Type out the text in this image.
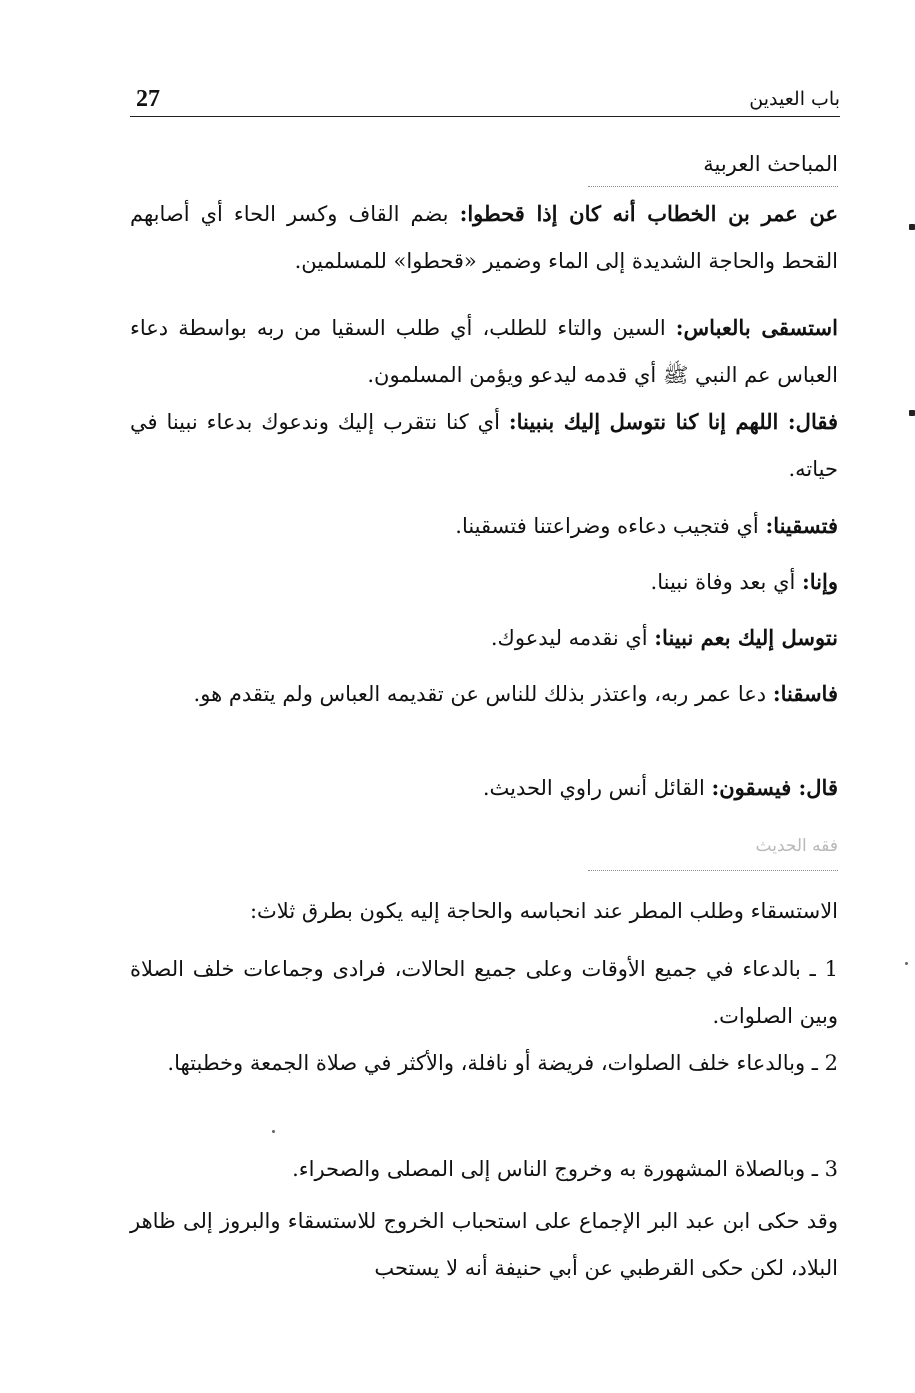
27	باب العيدين
المباحث العربية

عن عمر بن الخطاب أنه كان إذا قحطوا: بضم القاف وكسر الحاء أي أصابهم القحط والحاجة الشديدة إلى الماء وضمير «قحطوا» للمسلمين.

استسقى بالعباس: السين والتاء للطلب، أي طلب السقيا من ربه بواسطة دعاء العباس عم النبي ﷺ أي قدمه ليدعو ويؤمن المسلمون.

فقال: اللهم إنا كنا نتوسل إليك بنبينا: أي كنا نتقرب إليك وندعوك بدعاء نبينا في حياته.

فتسقينا: أي فتجيب دعاءه وضراعتنا فتسقينا.

وإنا: أي بعد وفاة نبينا.

نتوسل إليك بعم نبينا: أي نقدمه ليدعوك.

فاسقنا: دعا عمر ربه، واعتذر بذلك للناس عن تقديمه العباس ولم يتقدم هو.

قال: فيسقون: القائل أنس راوي الحديث.

فقه الحديث

الاستسقاء وطلب المطر عند انحباسه والحاجة إليه يكون بطرق ثلاث:

1 ـ بالدعاء في جميع الأوقات وعلى جميع الحالات، فرادى وجماعات خلف الصلاة وبين الصلوات.

2 ـ وبالدعاء خلف الصلوات، فريضة أو نافلة، والأكثر في صلاة الجمعة وخطبتها.

3 ـ وبالصلاة المشهورة به وخروج الناس إلى المصلى والصحراء.

وقد حكى ابن عبد البر الإجماع على استحباب الخروج للاستسقاء والبروز إلى ظاهر البلاد، لكن حكى القرطبي عن أبي حنيفة أنه لا يستحب
